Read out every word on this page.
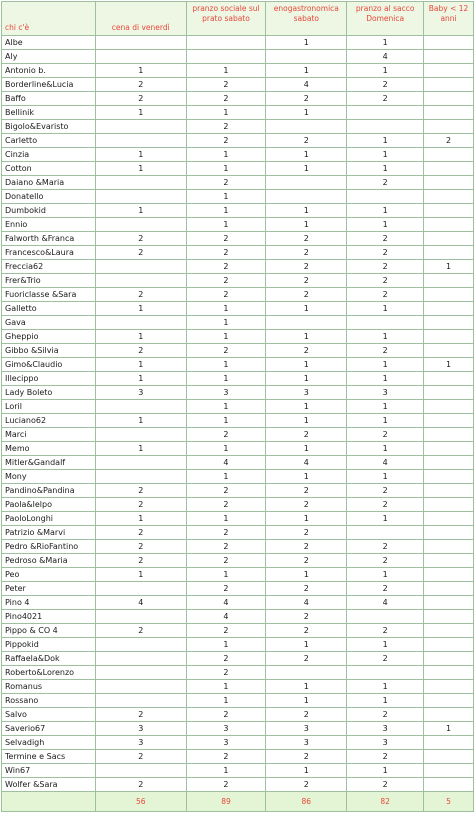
chi c'è	cena di venerdì	pranzo sociale sul prato sabato	enogastronomica sabato	pranzo al sacco Domenica	Baby < 12 anni
Albe			1	1	
Aly				4	
Antonio b.	1	1	1	1	
Borderline&Lucia	2	2	4	2	
Baffo	2	2	2	2	
Bellinik	1	1	1		
Bigolo&Evaristo		2			
Carletto		2	2	1	2
Cinzia	1	1	1	1	
Cotton	1	1	1	1	
Daiano &Maria		2		2	
Donatello		1			
Dumbokid	1	1	1	1	
Ennio		1	1	1	
Falworth &Franca	2	2	2	2	
Francesco&Laura	2	2	2	2	
Freccia62		2	2	2	1
Frer&Trio		2	2	2	
Fuoriclasse &Sara	2	2	2	2	
Galletto	1	1	1	1	
Gava		1			
Gheppio	1	1	1	1	
Gibbo &Silvia	2	2	2	2	
Gimo&Claudio	1	1	1	1	1
Illecippo	1	1	1	1	
Lady Boleto	3	3	3	3	
Loril		1	1	1	
Luciano62	1	1	1	1	
Marci		2	2	2	
Memo	1	1	1	1	
Mitler&Gandalf		4	4	4	
Mony		1	1	1	
Pandino&Pandina	2	2	2	2	
Paola&lelpo	2	2	2	2	
PaoloLonghi	1	1	1	1	
Patrizio &Marvi	2	2	2		
Pedro &RioFantino	2	2	2	2	
Pedroso &Maria	2	2	2	2	
Peo	1	1	1	1	
Peter		2	2	2	
Pino 4	4	4	4	4	
Pino4021		4	2		
Pippo & CO 4	2	2	2	2	
Pippokid		1	1	1	
Raffaela&Dok		2	2	2	
Roberto&Lorenzo		2			
Romanus		1	1	1	
Rossano		1	1	1	
Salvo	2	2	2	2	
Saverio67	3	3	3	3	1
Selvadigh	3	3	3	3	
Termine e Sacs	2	2	2	2	
Win67		1	1	1	
Wolfer &Sara	2	2	2	2	
	56	89	86	82	5
